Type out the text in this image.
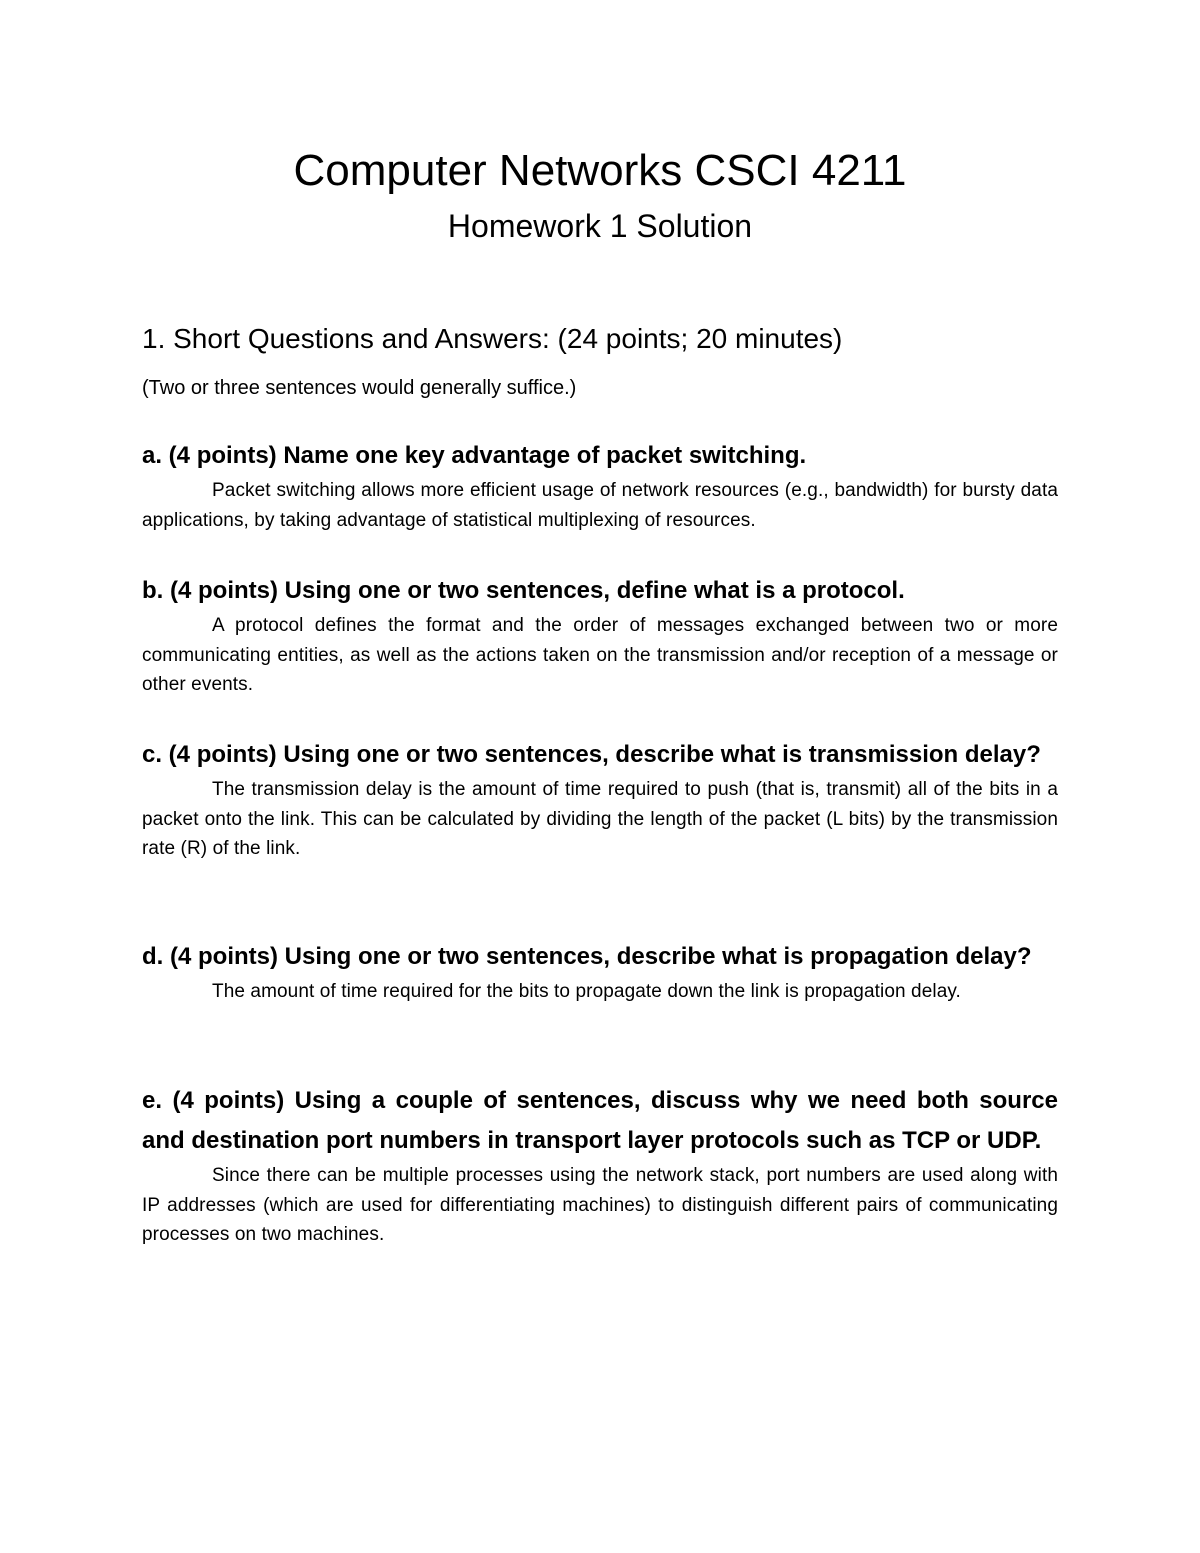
Computer Networks CSCI 4211
Homework 1 Solution
1. Short Questions and Answers: (24 points; 20 minutes)

(Two or three sentences would generally suffice.)

a. (4 points) Name one key advantage of packet switching.

Packet switching allows more efficient usage of network resources (e.g., bandwidth) for bursty data applications, by taking advantage of statistical multiplexing of resources.

b. (4 points) Using one or two sentences, define what is a protocol.

A protocol defines the format and the order of messages exchanged between two or more communicating entities, as well as the actions taken on the transmission and/or reception of a message or other events.

c. (4 points) Using one or two sentences, describe what is transmission delay?

The transmission delay is the amount of time required to push (that is, transmit) all of the bits in a packet onto the link. This can be calculated by dividing the length of the packet (L bits) by the transmission rate (R) of the link.

d. (4 points) Using one or two sentences, describe what is propagation delay?

The amount of time required for the bits to propagate down the link is propagation delay.

e. (4 points) Using a couple of sentences, discuss why we need both source and destination port numbers in transport layer protocols such as TCP or UDP.

Since there can be multiple processes using the network stack, port numbers are used along with IP addresses (which are used for differentiating machines) to distinguish different pairs of communicating processes on two machines.
